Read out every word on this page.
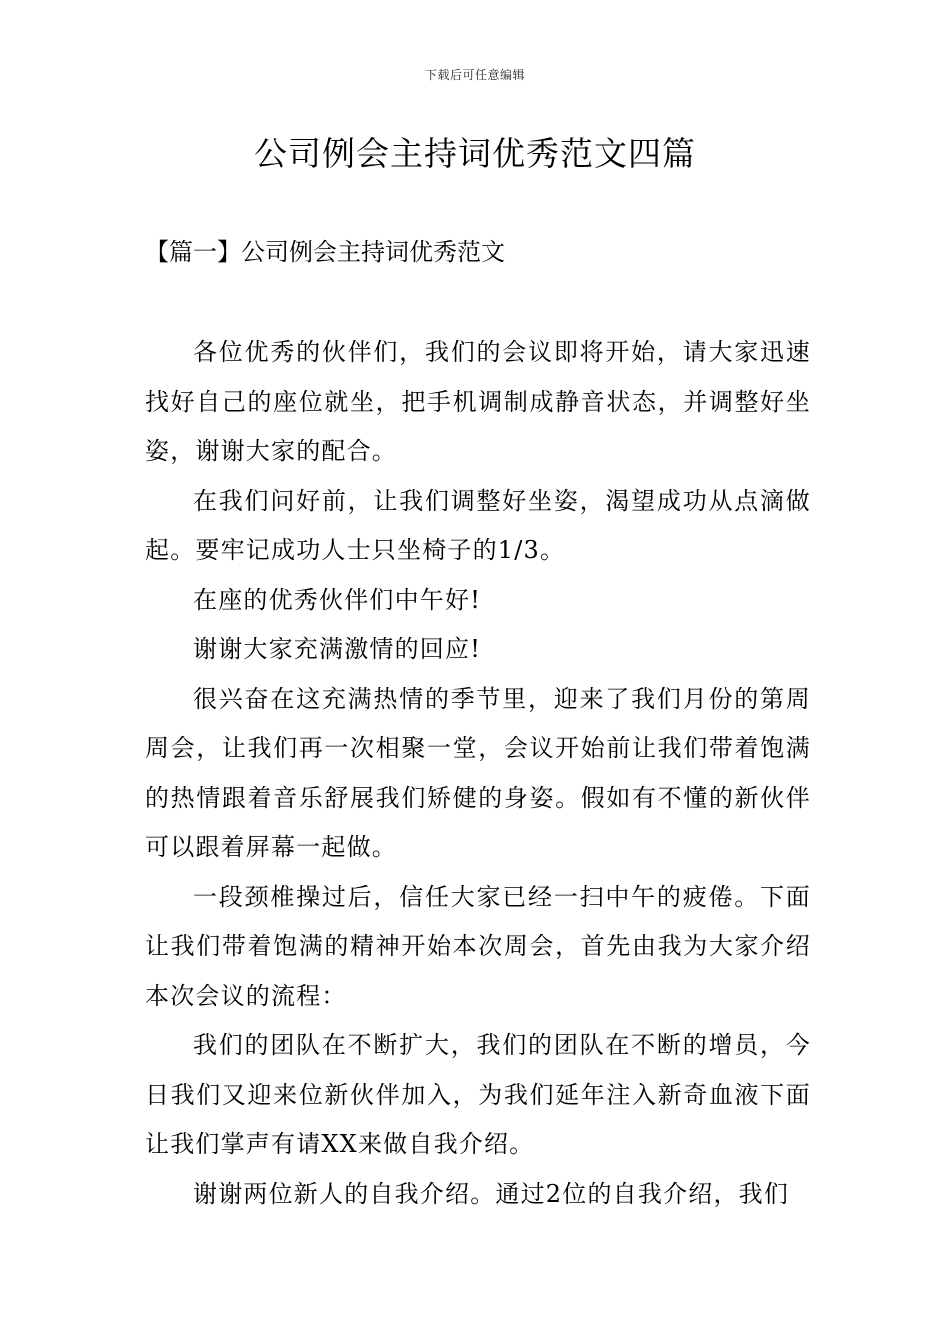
下载后可任意编辑
公司例会主持词优秀范文四篇
【篇一】公司例会主持词优秀范文

各位优秀的伙伴们，我们的会议即将开始，请大家迅速找好自己的座位就坐，把手机调制成静音状态，并调整好坐姿，谢谢大家的配合。

在我们问好前，让我们调整好坐姿，渴望成功从点滴做起。要牢记成功人士只坐椅子的1/3。

在座的优秀伙伴们中午好!

谢谢大家充满激情的回应!

很兴奋在这充满热情的季节里，迎来了我们月份的第周周会，让我们再一次相聚一堂，会议开始前让我们带着饱满的热情跟着音乐舒展我们矫健的身姿。假如有不懂的新伙伴可以跟着屏幕一起做。

一段颈椎操过后，信任大家已经一扫中午的疲倦。下面让我们带着饱满的精神开始本次周会，首先由我为大家介绍本次会议的流程：

我们的团队在不断扩大，我们的团队在不断的增员，今日我们又迎来位新伙伴加入，为我们延年注入新奇血液下面让我们掌声有请XX来做自我介绍。

谢谢两位新人的自我介绍。通过2位的自我介绍，我们
